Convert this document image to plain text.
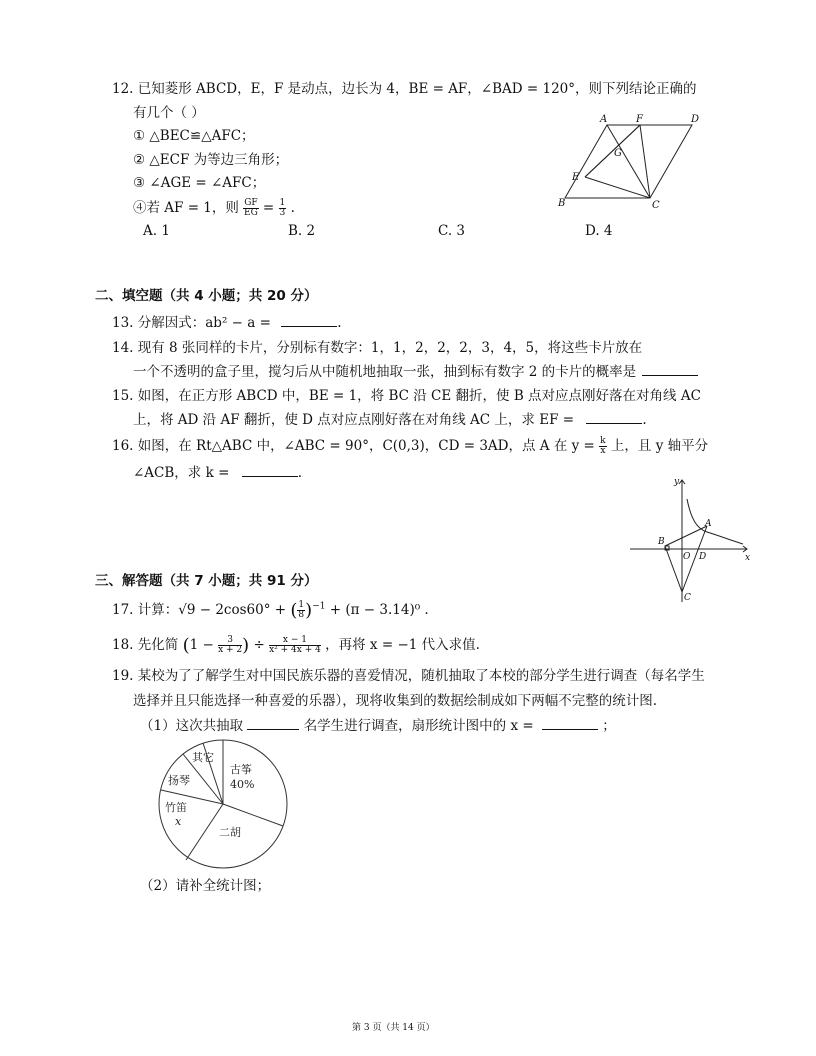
12. 已知菱形 ABCD，E，F 是动点，边长为 4，BE = AF，∠BAD = 120°，则下列结论正确的
有几个（ ）
① △BEC≌△AFC；
② △ECF 为等边三角形；
③ ∠AGE = ∠AFC；
④若 AF = 1，则 $\frac{GF}{EG} = \frac{1}{3}$ .
A. 1	B. 2	C. 3	D. 4
A	F	D
G
E
B	C
二、填空题（共 4 小题；共 20 分）
13. 分解因式：ab² − a =	.
14. 现有 8 张同样的卡片，分别标有数字：1，1，2，2，2，3，4，5，将这些卡片放在
一个不透明的盒子里，搅匀后从中随机地抽取一张，抽到标有数字 2 的卡片的概率是
15. 如图，在正方形 ABCD 中，BE = 1，将 BC 沿 CE 翻折，使 B 点对应点刚好落在对角线 AC
上，将 AD 沿 AF 翻折，使 D 点对应点刚好落在对角线 AC 上，求 EF =	.
16. 如图，在 Rt△ABC 中，∠ABC = 90°，C(0,3)，CD = 3AD，点 A 在 $y = \frac{k}{x}$ 上，且 y 轴平分
∠ACB，求 k =	.
y
A
B
O D	x
C
三、解答题（共 7 小题；共 91 分）
17. 计算：√9 − 2cos60° + ( $\frac{1}{8} )^{-1} + (\pi - 3.14)^0$ .
18. 先化简 ($1 - \frac{3}{x + 2}$ ) ÷ $\frac{x - 1}{\text{x² + 4x + 4}}$ ，再将 x = −1 代入求值.
19. 某校为了了解学生对中国民族乐器的喜爱情况，随机抽取了本校的部分学生进行调查（每名学生
选择并且只能选择一种喜爱的乐器），现将收集到的数据绘制成如下两幅不完整的统计图.
（1）这次共抽取	名学生进行调查，扇形统计图中的 x =	；
其它
扬琴
古筝
40%
竹笛
x
二胡
（2）请补全统计图；
第 3 页（共 14 页）
